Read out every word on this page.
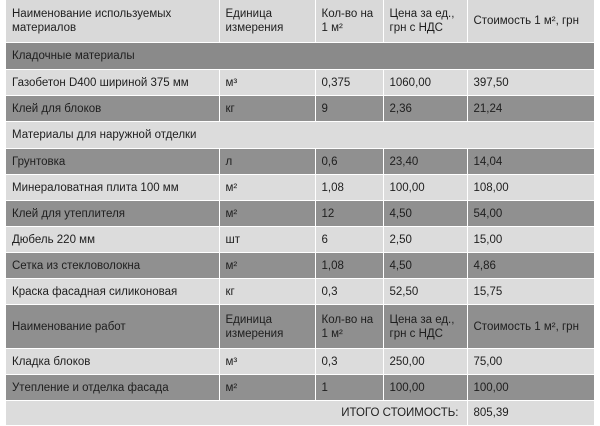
Наименование используемых материалов	Единица измерения	Кол-во на 1 м²	Цена за ед., грн с НДС	Стоимость 1 м², грн

Кладочные материалы				
Газобетон D400 шириной 375 мм	м³	0,375	1060,00	397,50
Клей для блоков	кг	9	2,36	21,24
Материалы для наружной отделки				
Грунтовка	л	0,6	23,40	14,04
Минераловатная плита 100 мм	м²	1,08	100,00	108,00
Клей для утеплителя	м²	12	4,50	54,00
Дюбель 220 мм	шт	6	2,50	15,00
Сетка из стекловолокна	м²	1,08	4,50	4,86
Краска фасадная силиконовая	кг	0,3	52,50	15,75

Наименование работ	Единица измерения	Кол-во на 1 м²	Цена за ед., грн с НДС	Стоимость 1 м², грн

Кладка блоков	м³	0,3	250,00	75,00
Утепление и отделка фасада	м²	1	100,00	100,00
ИТОГО СТОИМОСТЬ:				805,39
